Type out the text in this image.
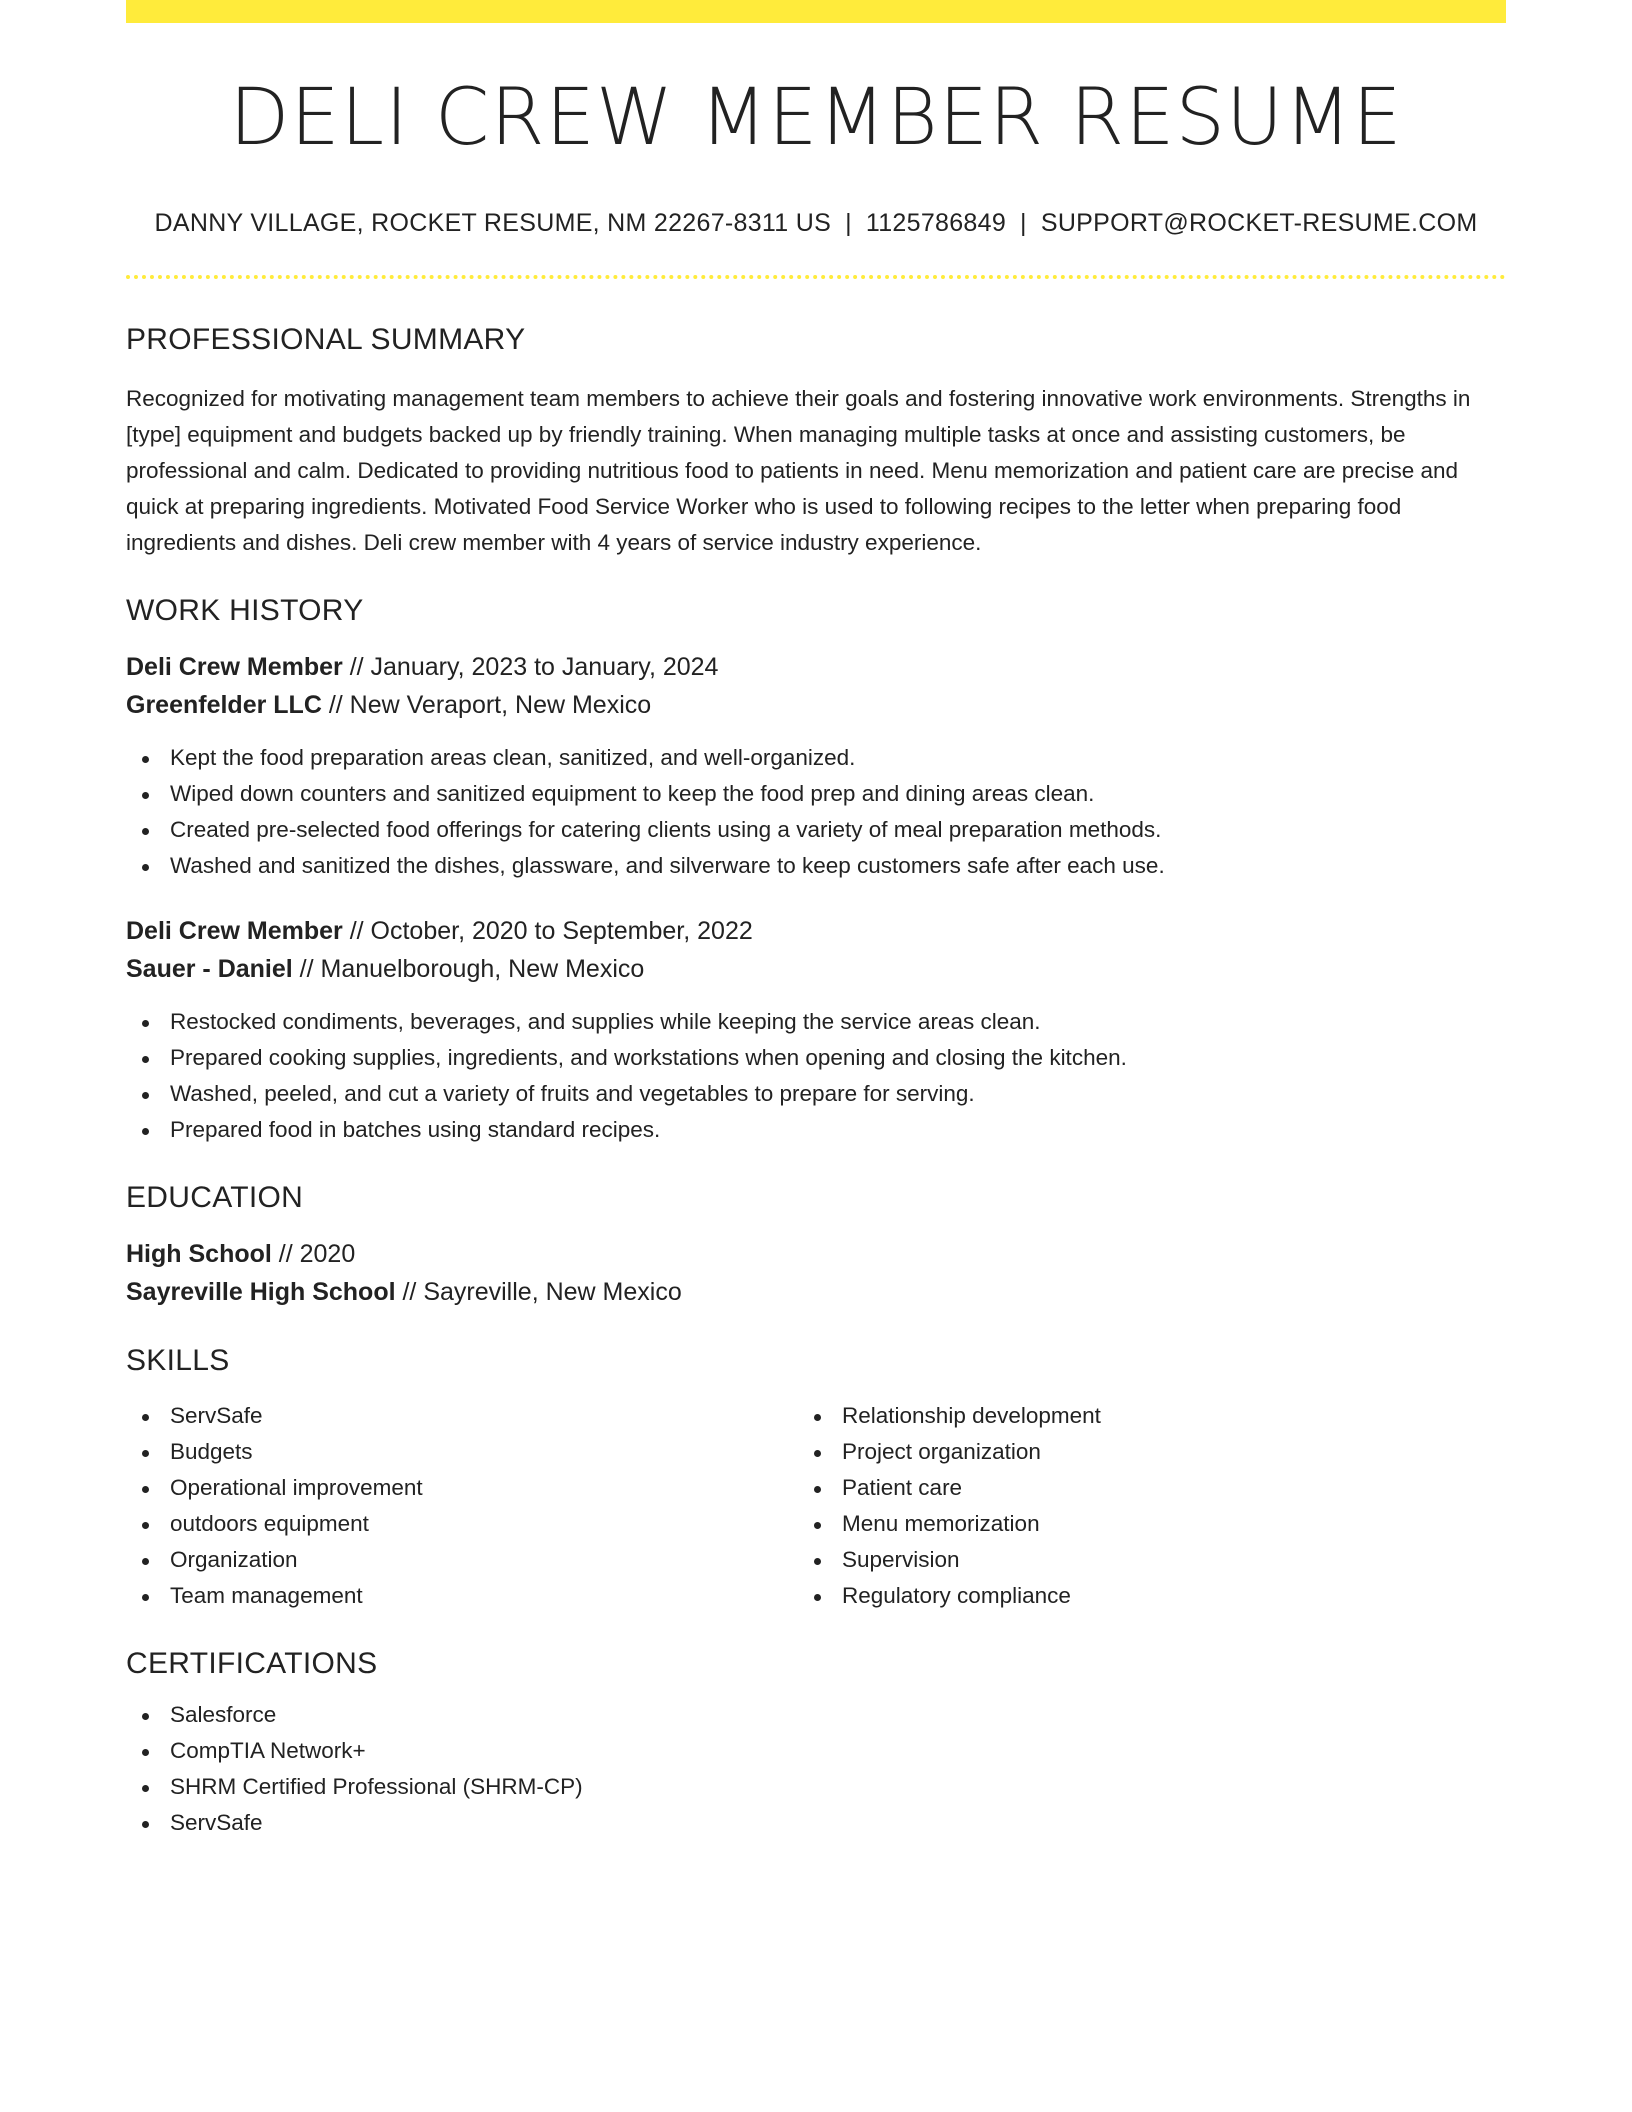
DELI CREW MEMBER RESUME
DANNY VILLAGE, ROCKET RESUME, NM 22267-8311 US | 1125786849 | SUPPORT@ROCKET-RESUME.COM
PROFESSIONAL SUMMARY

Recognized for motivating management team members to achieve their goals and fostering innovative work environments. Strengths in [type] equipment and budgets backed up by friendly training. When managing multiple tasks at once and assisting customers, be professional and calm. Dedicated to providing nutritious food to patients in need. Menu memorization and patient care are precise and quick at preparing ingredients. Motivated Food Service Worker who is used to following recipes to the letter when preparing food ingredients and dishes. Deli crew member with 4 years of service industry experience.

WORK HISTORY
Deli Crew Member // January, 2023 to January, 2024
Greenfelder LLC // New Veraport, New Mexico
Kept the food preparation areas clean, sanitized, and well-organized.
Wiped down counters and sanitized equipment to keep the food prep and dining areas clean.
Created pre-selected food offerings for catering clients using a variety of meal preparation methods.
Washed and sanitized the dishes, glassware, and silverware to keep customers safe after each use.
Deli Crew Member // October, 2020 to September, 2022
Sauer - Daniel // Manuelborough, New Mexico
Restocked condiments, beverages, and supplies while keeping the service areas clean.
Prepared cooking supplies, ingredients, and workstations when opening and closing the kitchen.
Washed, peeled, and cut a variety of fruits and vegetables to prepare for serving.
Prepared food in batches using standard recipes.
EDUCATION
High School // 2020
Sayreville High School // Sayreville, New Mexico
SKILLS
ServSafe
Budgets
Operational improvement
outdoors equipment
Organization
Team management
Relationship development
Project organization
Patient care
Menu memorization
Supervision
Regulatory compliance
CERTIFICATIONS
Salesforce
CompTIA Network+
SHRM Certified Professional (SHRM-CP)
ServSafe
